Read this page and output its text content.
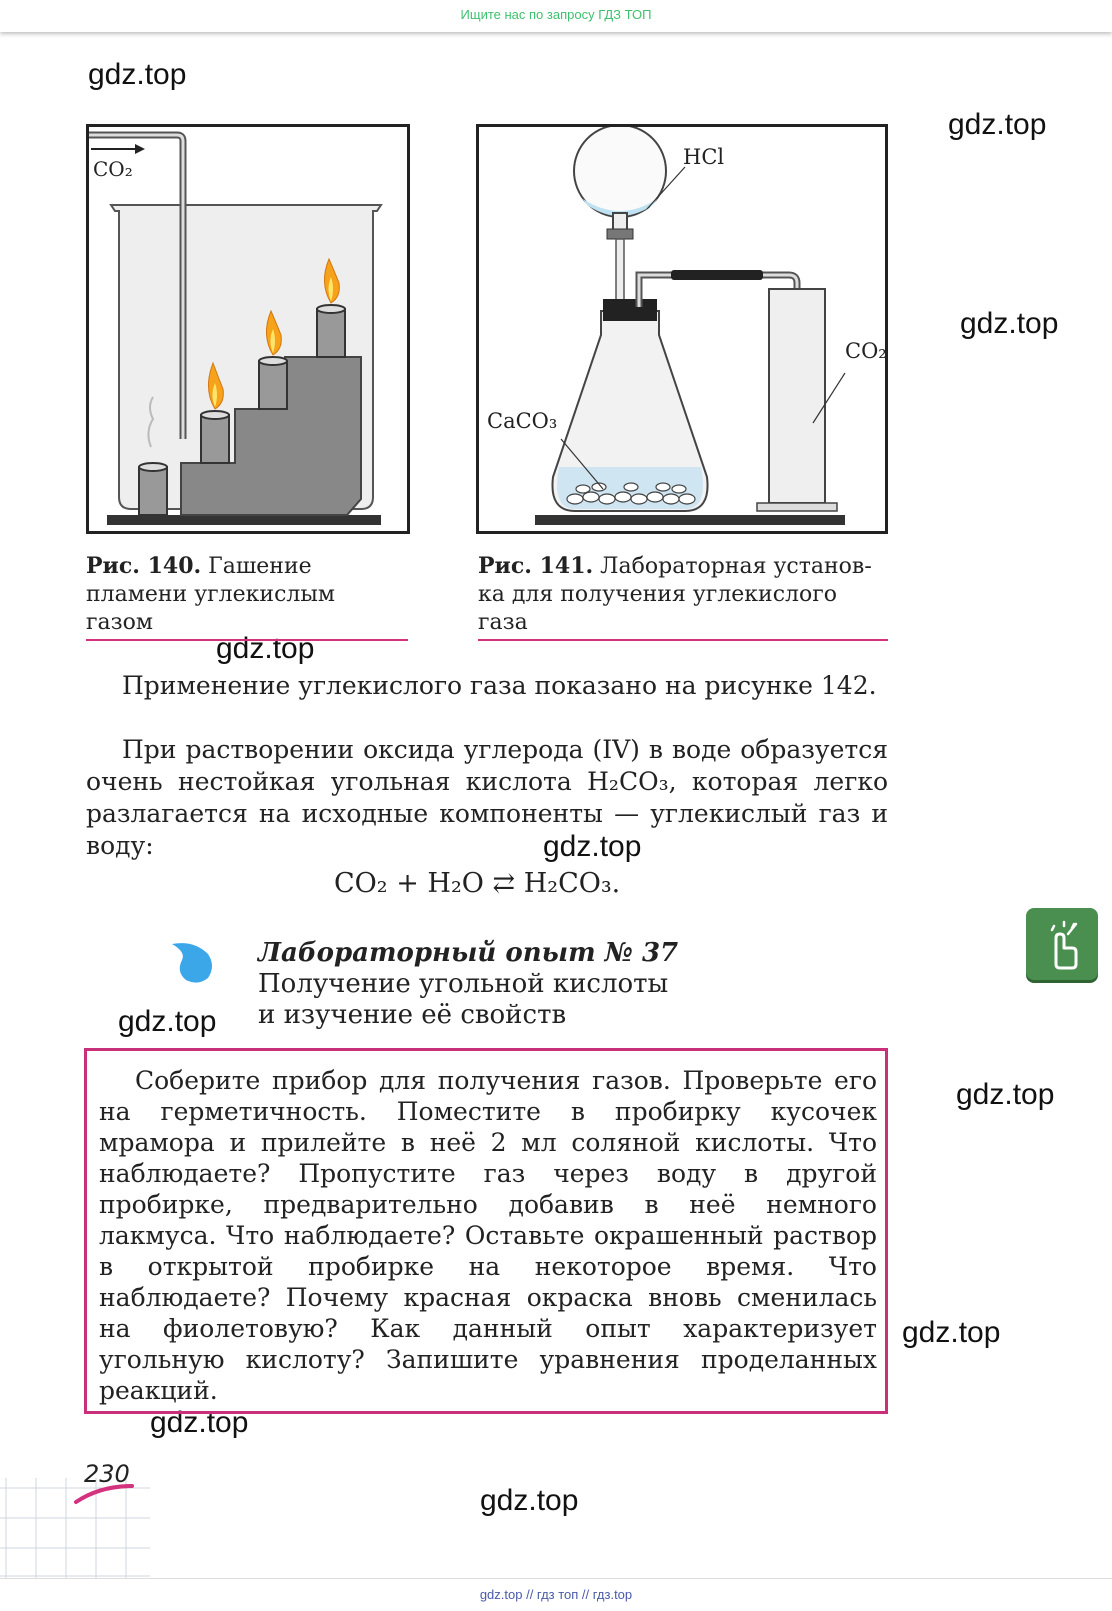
Ищите нас по запросу ГДЗ ТОП
gdz.top
gdz.top
gdz.top
gdz.top
gdz.top
gdz.top
gdz.top
gdz.top
gdz.top
gdz.top
CO₂
Рис. 140. Гашение
пламени углекислым
газом
HCl
CaCO₃
CO₂
Рис. 141. Лабораторная установ-
ка для получения углекислого
газа
Применение углекислого газа показано на рисунке 142.
При растворении оксида углерода (IV) в воде образуется очень нестойкая угольная кислота H₂CO₃, которая легко разлагается на исходные компоненты — углекислый газ и воду:
CO₂ + H₂O ⇄ H₂CO₃.
Лабораторный опыт № 37
Получение угольной кислоты
и изучение её свойств
Соберите прибор для получения газов. Проверьте его на герметичность. Поместите в пробирку кусочек мрамора и прилейте в неё 2 мл соляной кислоты. Что наблюдаете? Пропустите газ через воду в другой пробирке, предварительно добавив в неё немного лакмуса. Что наблюдаете? Оставьте окрашенный раствор в открытой пробирке на некоторое время. Что наблюдаете? Почему красная окраска вновь сменилась на фиолетовую? Как данный опыт характеризует угольную кислоту? Запишите уравнения проделанных реакций.
230
gdz.top // гдз топ // гдз.top
